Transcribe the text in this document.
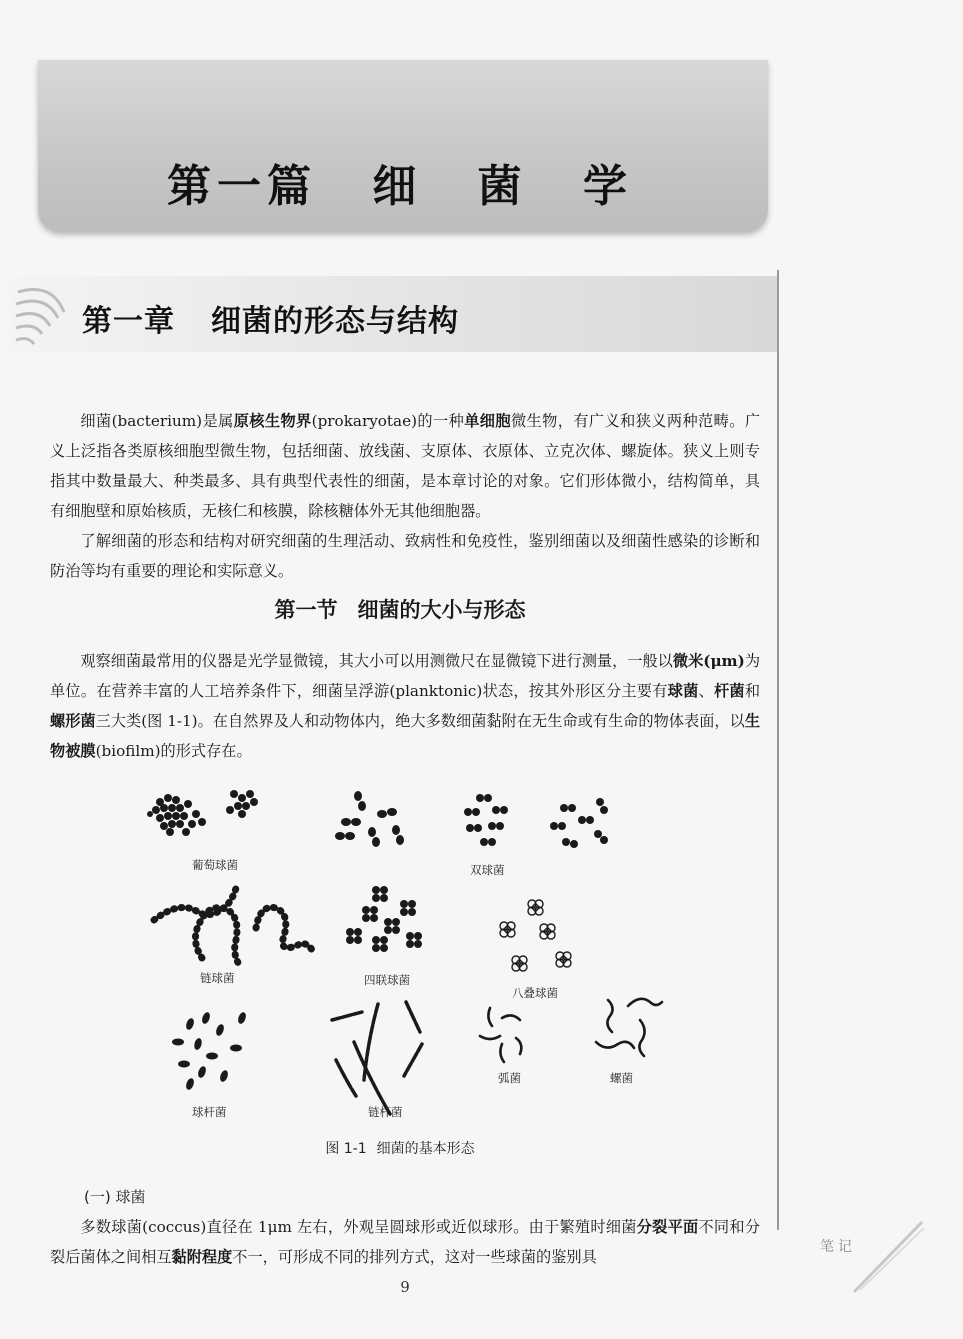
第一篇 细 菌 学
第一章 细菌的形态与结构
细菌(bacterium)是属原核生物界(prokaryotae)的一种单细胞微生物，有广义和狭义两种范畴。广义上泛指各类原核细胞型微生物，包括细菌、放线菌、支原体、衣原体、立克次体、螺旋体。狭义上则专指其中数量最大、种类最多、具有典型代表性的细菌，是本章讨论的对象。它们形体微小，结构简单，具有细胞壁和原始核质，无核仁和核膜，除核糖体外无其他细胞器。
了解细菌的形态和结构对研究细菌的生理活动、致病性和免疫性，鉴别细菌以及细菌性感染的诊断和防治等均有重要的理论和实际意义。
第一节 细菌的大小与形态
观察细菌最常用的仪器是光学显微镜，其大小可以用测微尺在显微镜下进行测量，一般以微米(μm)为单位。在营养丰富的人工培养条件下，细菌呈浮游(planktonic)状态，按其外形区分主要有球菌、杆菌和螺形菌三大类(图 1-1)。在自然界及人和动物体内，绝大多数细菌黏附在无生命或有生命的物体表面，以生物被膜(biofilm)的形式存在。
葡萄球菌	双球菌
链球菌	四联球菌
八叠球菌
球杆菌	链杆菌
弧菌	螺菌
图 1-1 细菌的基本形态
(一) 球菌
多数球菌(coccus)直径在 1μm 左右，外观呈圆球形或近似球形。由于繁殖时细菌分裂平面不同和分裂后菌体之间相互黏附程度不一，可形成不同的排列方式，这对一些球菌的鉴别具
9
笔记
